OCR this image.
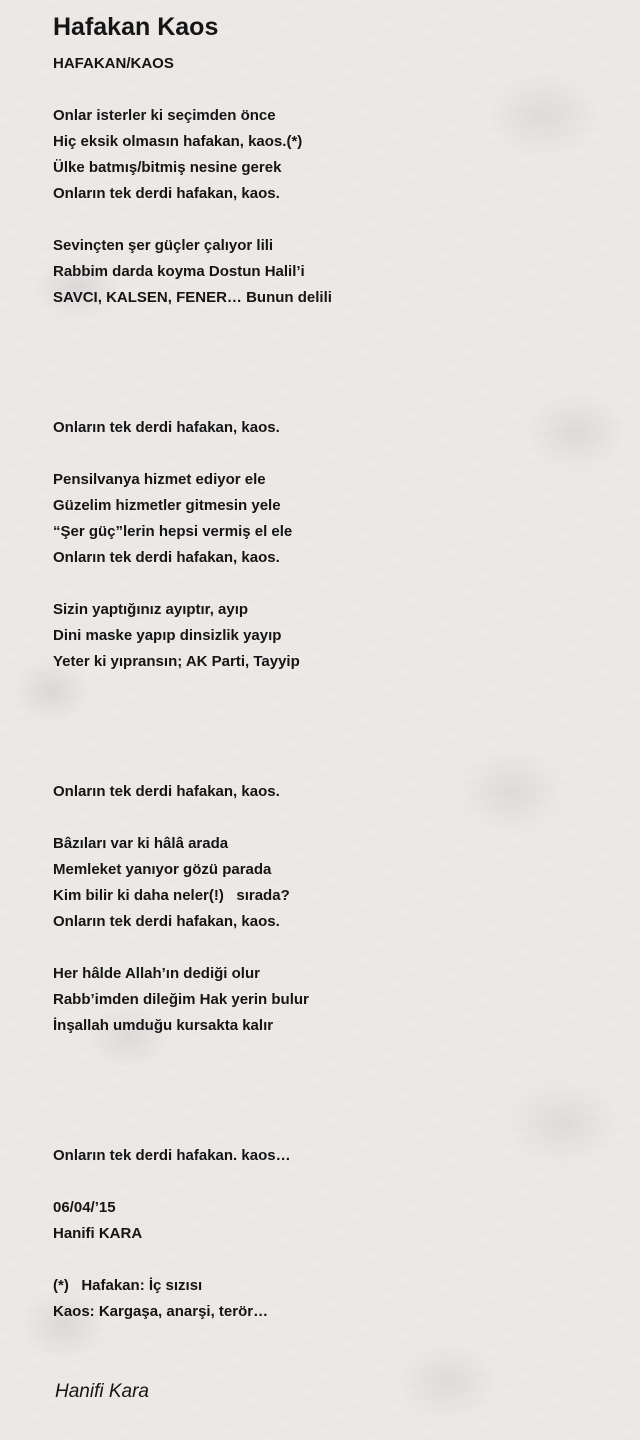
Hafakan Kaos
HAFAKAN/KAOS
Onlar isterler ki seçimden önce
Hiç eksik olmasın hafakan, kaos.(*)
Ülke batmış/bitmiş nesine gerek
Onların tek derdi hafakan, kaos.
Sevinçten şer güçler çalıyor lili
Rabbim darda koyma Dostun Halil’i
SAVCI, KALSEN, FENER… Bunun delili
Onların tek derdi hafakan, kaos.
Pensilvanya hizmet ediyor ele
Güzelim hizmetler gitmesin yele
“Şer güç”lerin hepsi vermiş el ele
Onların tek derdi hafakan, kaos.
Sizin yaptığınız ayıptır, ayıp
Dini maske yapıp dinsizlik yayıp
Yeter ki yıpransın; AK Parti, Tayyip
Onların tek derdi hafakan, kaos.
Bâzıları var ki hâlâ arada
Memleket yanıyor gözü parada
Kim bilir ki daha neler(!)   sırada?
Onların tek derdi hafakan, kaos.
Her hâlde Allah’ın dediği olur
Rabb’imden dileğim Hak yerin bulur
İnşallah umduğu kursakta kalır
Onların tek derdi hafakan. kaos…
06/04/’15
Hanifi KARA
(*)   Hafakan: İç sızısı
Kaos: Kargaşa, anarşi, terör…
Hanifi Kara
